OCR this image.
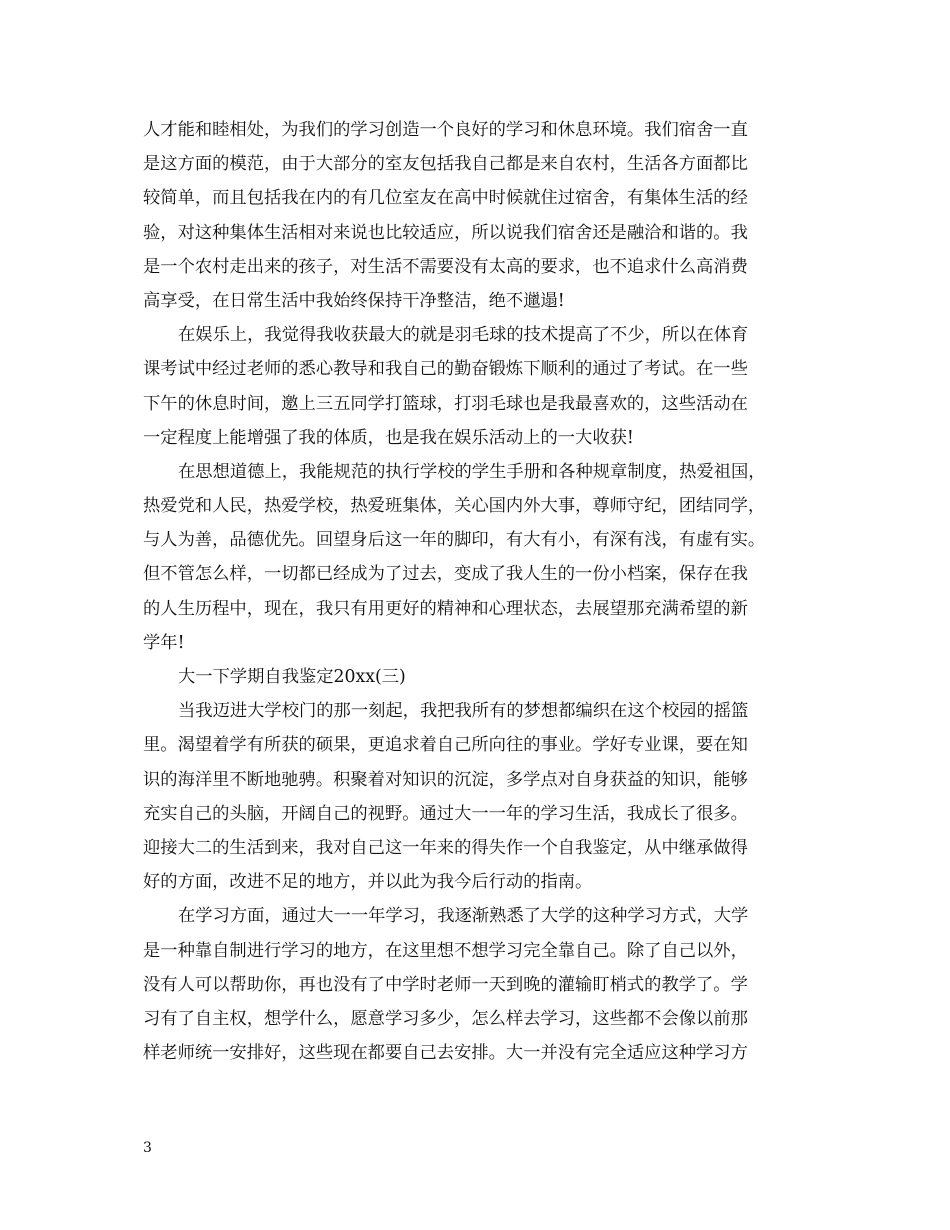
人才能和睦相处，为我们的学习创造一个良好的学习和休息环境。我们宿舍一直
是这方面的模范，由于大部分的室友包括我自己都是来自农村，生活各方面都比
较简单，而且包括我在内的有几位室友在高中时候就住过宿舍，有集体生活的经
验，对这种集体生活相对来说也比较适应，所以说我们宿舍还是融洽和谐的。我
是一个农村走出来的孩子，对生活不需要没有太高的要求，也不追求什么高消费
高享受，在日常生活中我始终保持干净整洁，绝不邋遢!
在娱乐上，我觉得我收获最大的就是羽毛球的技术提高了不少，所以在体育
课考试中经过老师的悉心教导和我自己的勤奋锻炼下顺利的通过了考试。在一些
下午的休息时间，邀上三五同学打篮球，打羽毛球也是我最喜欢的，这些活动在
一定程度上能增强了我的体质，也是我在娱乐活动上的一大收获!
在思想道德上，我能规范的执行学校的学生手册和各种规章制度，热爱祖国，
热爱党和人民，热爱学校，热爱班集体，关心国内外大事，尊师守纪，团结同学，
与人为善，品德优先。回望身后这一年的脚印，有大有小，有深有浅，有虚有实。
但不管怎么样，一切都已经成为了过去，变成了我人生的一份小档案，保存在我
的人生历程中，现在，我只有用更好的精神和心理状态，去展望那充满希望的新
学年!
大一下学期自我鉴定20xx(三)
当我迈进大学校门的那一刻起，我把我所有的梦想都编织在这个校园的摇篮
里。渴望着学有所获的硕果，更追求着自己所向往的事业。学好专业课，要在知
识的海洋里不断地驰骋。积聚着对知识的沉淀，多学点对自身获益的知识，能够
充实自己的头脑，开阔自己的视野。通过大一一年的学习生活，我成长了很多。
迎接大二的生活到来，我对自己这一年来的得失作一个自我鉴定，从中继承做得
好的方面，改进不足的地方，并以此为我今后行动的指南。
在学习方面，通过大一一年学习，我逐渐熟悉了大学的这种学习方式，大学
是一种靠自制进行学习的地方，在这里想不想学习完全靠自己。除了自己以外，
没有人可以帮助你，再也没有了中学时老师一天到晚的灌输盯梢式的教学了。学
习有了自主权，想学什么，愿意学习多少，怎么样去学习，这些都不会像以前那
样老师统一安排好，这些现在都要自己去安排。大一并没有完全适应这种学习方
3
